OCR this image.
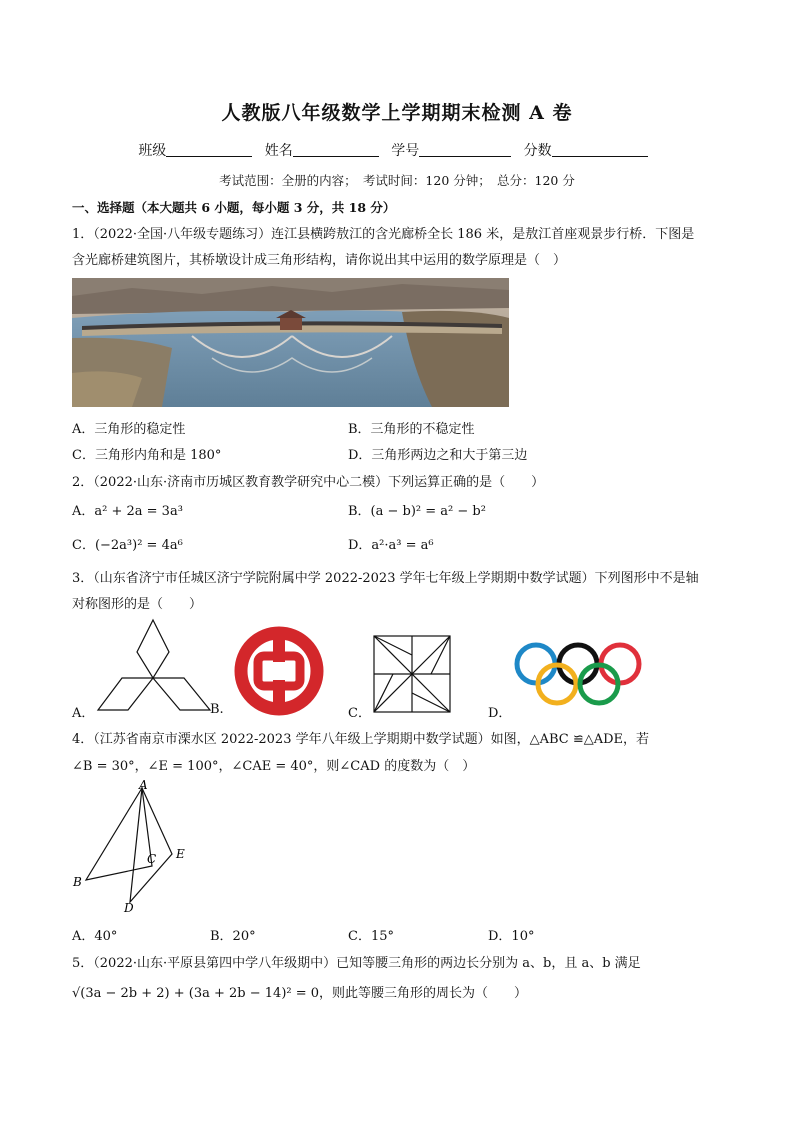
人教版八年级数学上学期期末检测 A 卷
班级	姓名	学号	分数
考试范围：全册的内容；　考试时间：120 分钟；　总分：120 分
一、选择题（本大题共 6 小题，每小题 3 分，共 18 分）
1．（2022·全国·八年级专题练习）连江县横跨敖江的含光廊桥全长 186 米，是敖江首座观景步行桥．下图是
含光廊桥建筑图片，其桥墩设计成三角形结构，请你说出其中运用的数学原理是（　）
A．三角形的稳定性	B．三角形的不稳定性
C．三角形内角和是 180°	D．三角形两边之和大于第三边
2．（2022·山东·济南市历城区教育教学研究中心二模）下列运算正确的是（　　）
A．a² + 2a = 3a³	B．(a − b)² = a² − b²
C．(−2a³)² = 4a⁶	D．a²·a³ = a⁶
3．（山东省济宁市任城区济宁学院附属中学 2022-2023 学年七年级上学期期中数学试题）下列图形中不是轴
对称图形的是（　　）
A．	B.	C．	D．
4．（江苏省南京市溧水区 2022-2023 学年八年级上学期期中数学试题）如图，△ABC ≌△ADE，若
∠B = 30°，∠E = 100°，∠CAE = 40°，则∠CAD 的度数为（　）
A
B
C
D
E
A．40°	B．20°	C．15°	D．10°
5．（2022·山东·平原县第四中学八年级期中）已知等腰三角形的两边长分别为 a、b，且 a、b 满足
√(3a − 2b + 2) + (3a + 2b − 14)² = 0，则此等腰三角形的周长为（　　）
